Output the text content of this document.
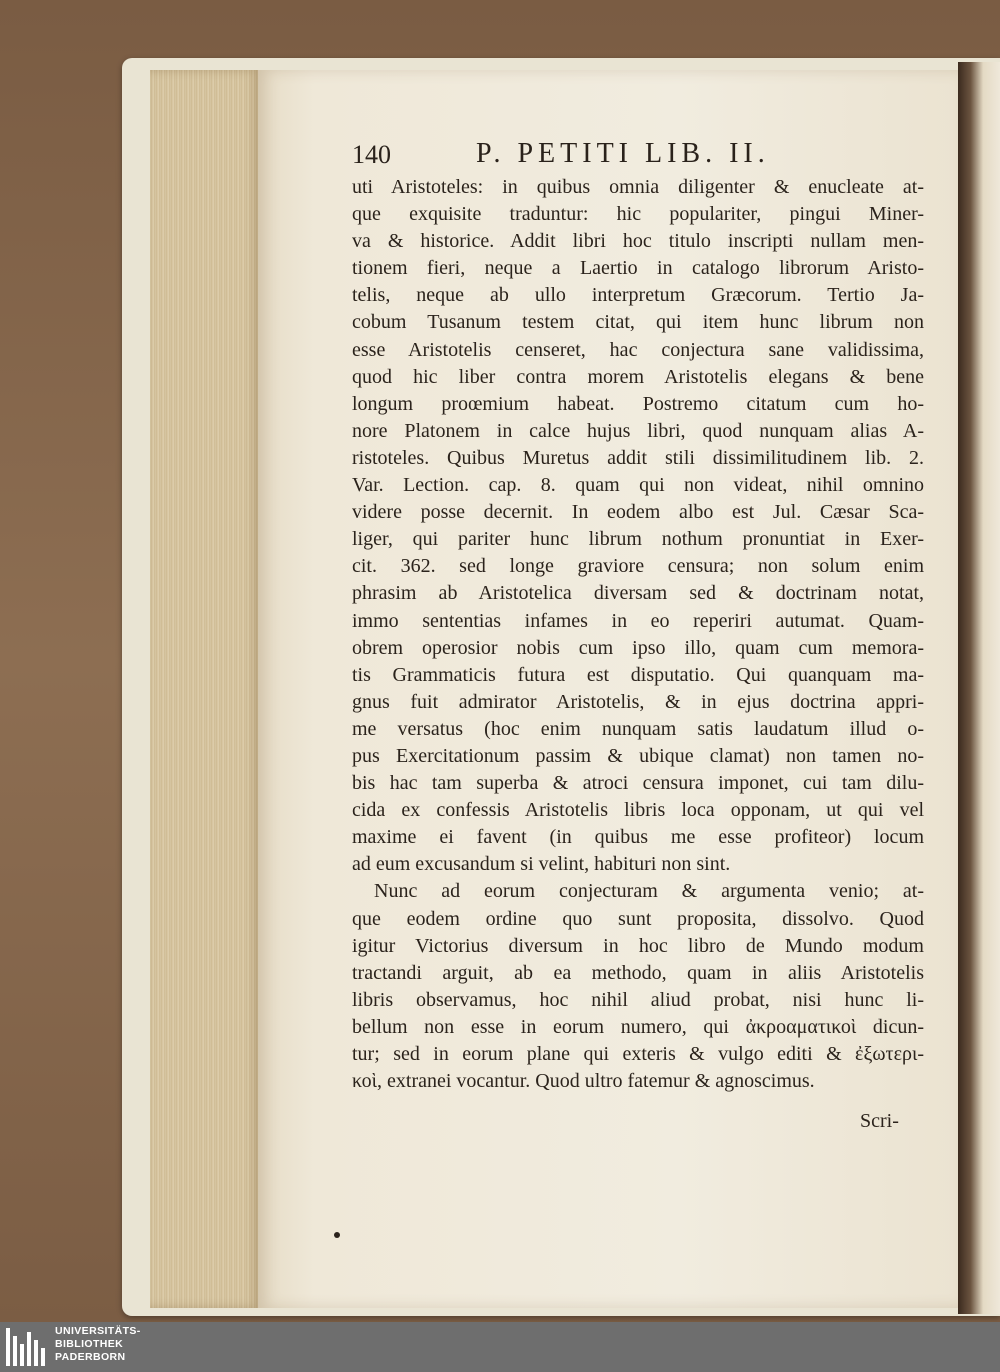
140	P. PETITI LIB. II.
uti Aristoteles: in quibus omnia diligenter & enucleate at-
que exquisite traduntur: hic populariter, pingui Miner-
va & historice. Addit libri hoc titulo inscripti nullam men-
tionem fieri, neque a Laertio in catalogo librorum Aristo-
telis, neque ab ullo interpretum Græcorum. Tertio Ja-
cobum Tusanum testem citat, qui item hunc librum non
esse Aristotelis censeret, hac conjectura sane validissima,
quod hic liber contra morem Aristotelis elegans & bene
longum proœmium habeat. Postremo citatum cum ho-
nore Platonem in calce hujus libri, quod nunquam alias A-
ristoteles. Quibus Muretus addit stili dissimilitudinem lib. 2.
Var. Lection. cap. 8. quam qui non videat, nihil omnino
videre posse decernit. In eodem albo est Jul. Cæsar Sca-
liger, qui pariter hunc librum nothum pronuntiat in Exer-
cit. 362. sed longe graviore censura; non solum enim
phrasim ab Aristotelica diversam sed & doctrinam notat,
immo sententias infames in eo reperiri autumat. Quam-
obrem operosior nobis cum ipso illo, quam cum memora-
tis Grammaticis futura est disputatio. Qui quanquam ma-
gnus fuit admirator Aristotelis, & in ejus doctrina appri-
me versatus (hoc enim nunquam satis laudatum illud o-
pus Exercitationum passim & ubique clamat) non tamen no-
bis hac tam superba & atroci censura imponet, cui tam dilu-
cida ex confessis Aristotelis libris loca opponam, ut qui vel
maxime ei favent (in quibus me esse profiteor) locum
ad eum excusandum si velint, habituri non sint.
Nunc ad eorum conjecturam & argumenta venio; at-
que eodem ordine quo sunt proposita, dissolvo. Quod
igitur Victorius diversum in hoc libro de Mundo modum
tractandi arguit, ab ea methodo, quam in aliis Aristotelis
libris observamus, hoc nihil aliud probat, nisi hunc li-
bellum non esse in eorum numero, qui ἀκροαματικοὶ dicun-
tur; sed in eorum plane qui exteris & vulgo editi & ἐξωτερι-
κοὶ, extranei vocantur. Quod ultro fatemur & agnoscimus.
Scri-
UNIVERSITÄTS-
BIBLIOTHEK
PADERBORN
